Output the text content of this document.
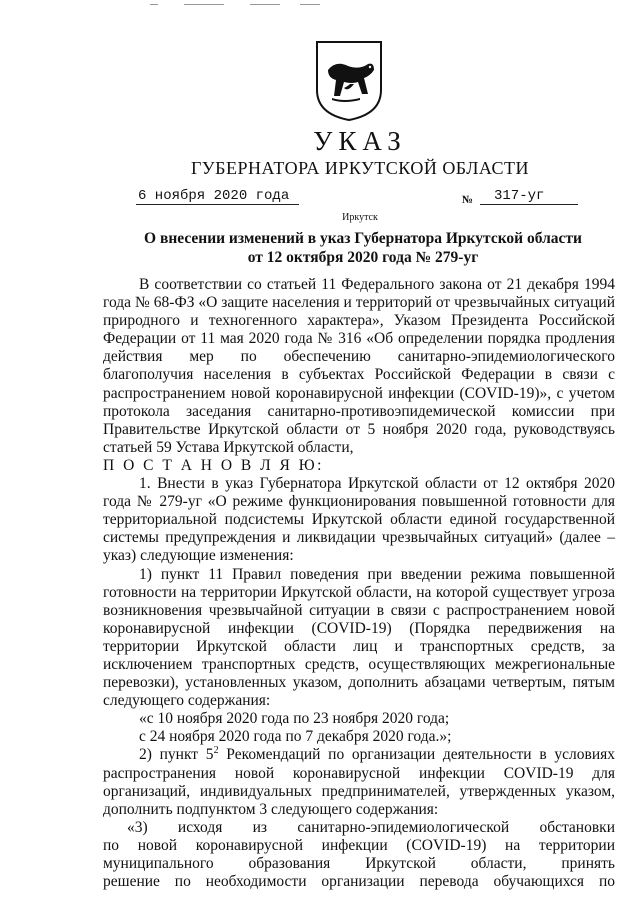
УКАЗ
ГУБЕРНАТОРА ИРКУТСКОЙ ОБЛАСТИ
6 ноября 2020 года	№	317-уг
Иркутск
О внесении изменений в указ Губернатора Иркутской области
от 12 октября 2020 года № 279-уг

В соответствии со статьей 11 Федерального закона от 21 декабря 1994 года № 68-ФЗ «О защите населения и территорий от чрезвычайных ситуаций природного и техногенного характера», Указом Президента Российской Федерации от 11 мая 2020 года № 316 «Об определении порядка продления действия мер по обеспечению санитарно-эпидемиологического благополучия населения в субъектах Российской Федерации в связи с распространением новой коронавирусной инфекции (COVID-19)», с учетом протокола заседания санитарно-противоэпидемической комиссии при Правительстве Иркутской области от 5 ноября 2020 года, руководствуясь статьей 59 Устава Иркутской области,

П О С Т А Н О В Л Я Ю:

1. Внести в указ Губернатора Иркутской области от 12 октября 2020 года № 279-уг «О режиме функционирования повышенной готовности для территориальной подсистемы Иркутской области единой государственной системы предупреждения и ликвидации чрезвычайных ситуаций» (далее – указ) следующие изменения:

1) пункт 11 Правил поведения при введении режима повышенной готовности на территории Иркутской области, на которой существует угроза возникновения чрезвычайной ситуации в связи с распространением новой коронавирусной инфекции (COVID-19) (Порядка передвижения на территории Иркутской области лиц и транспортных средств, за исключением транспортных средств, осуществляющих межрегиональные перевозки), установленных указом, дополнить абзацами четвертым, пятым следующего содержания:

«с 10 ноября 2020 года по 23 ноября 2020 года;

с 24 ноября 2020 года по 7 декабря 2020 года.»;

2) пункт $5^2$ Рекомендаций по организации деятельности в условиях распространения новой коронавирусной инфекции COVID-19 для организаций, индивидуальных предпринимателей, утвержденных указом, дополнить подпунктом 3 следующего содержания:

«3) исходя из санитарно-эпидемиологической обстановки

по новой коронавирусной инфекции (COVID-19) на территории

муниципального образования Иркутской области, принять

решение по необходимости организации перевода обучающихся по
